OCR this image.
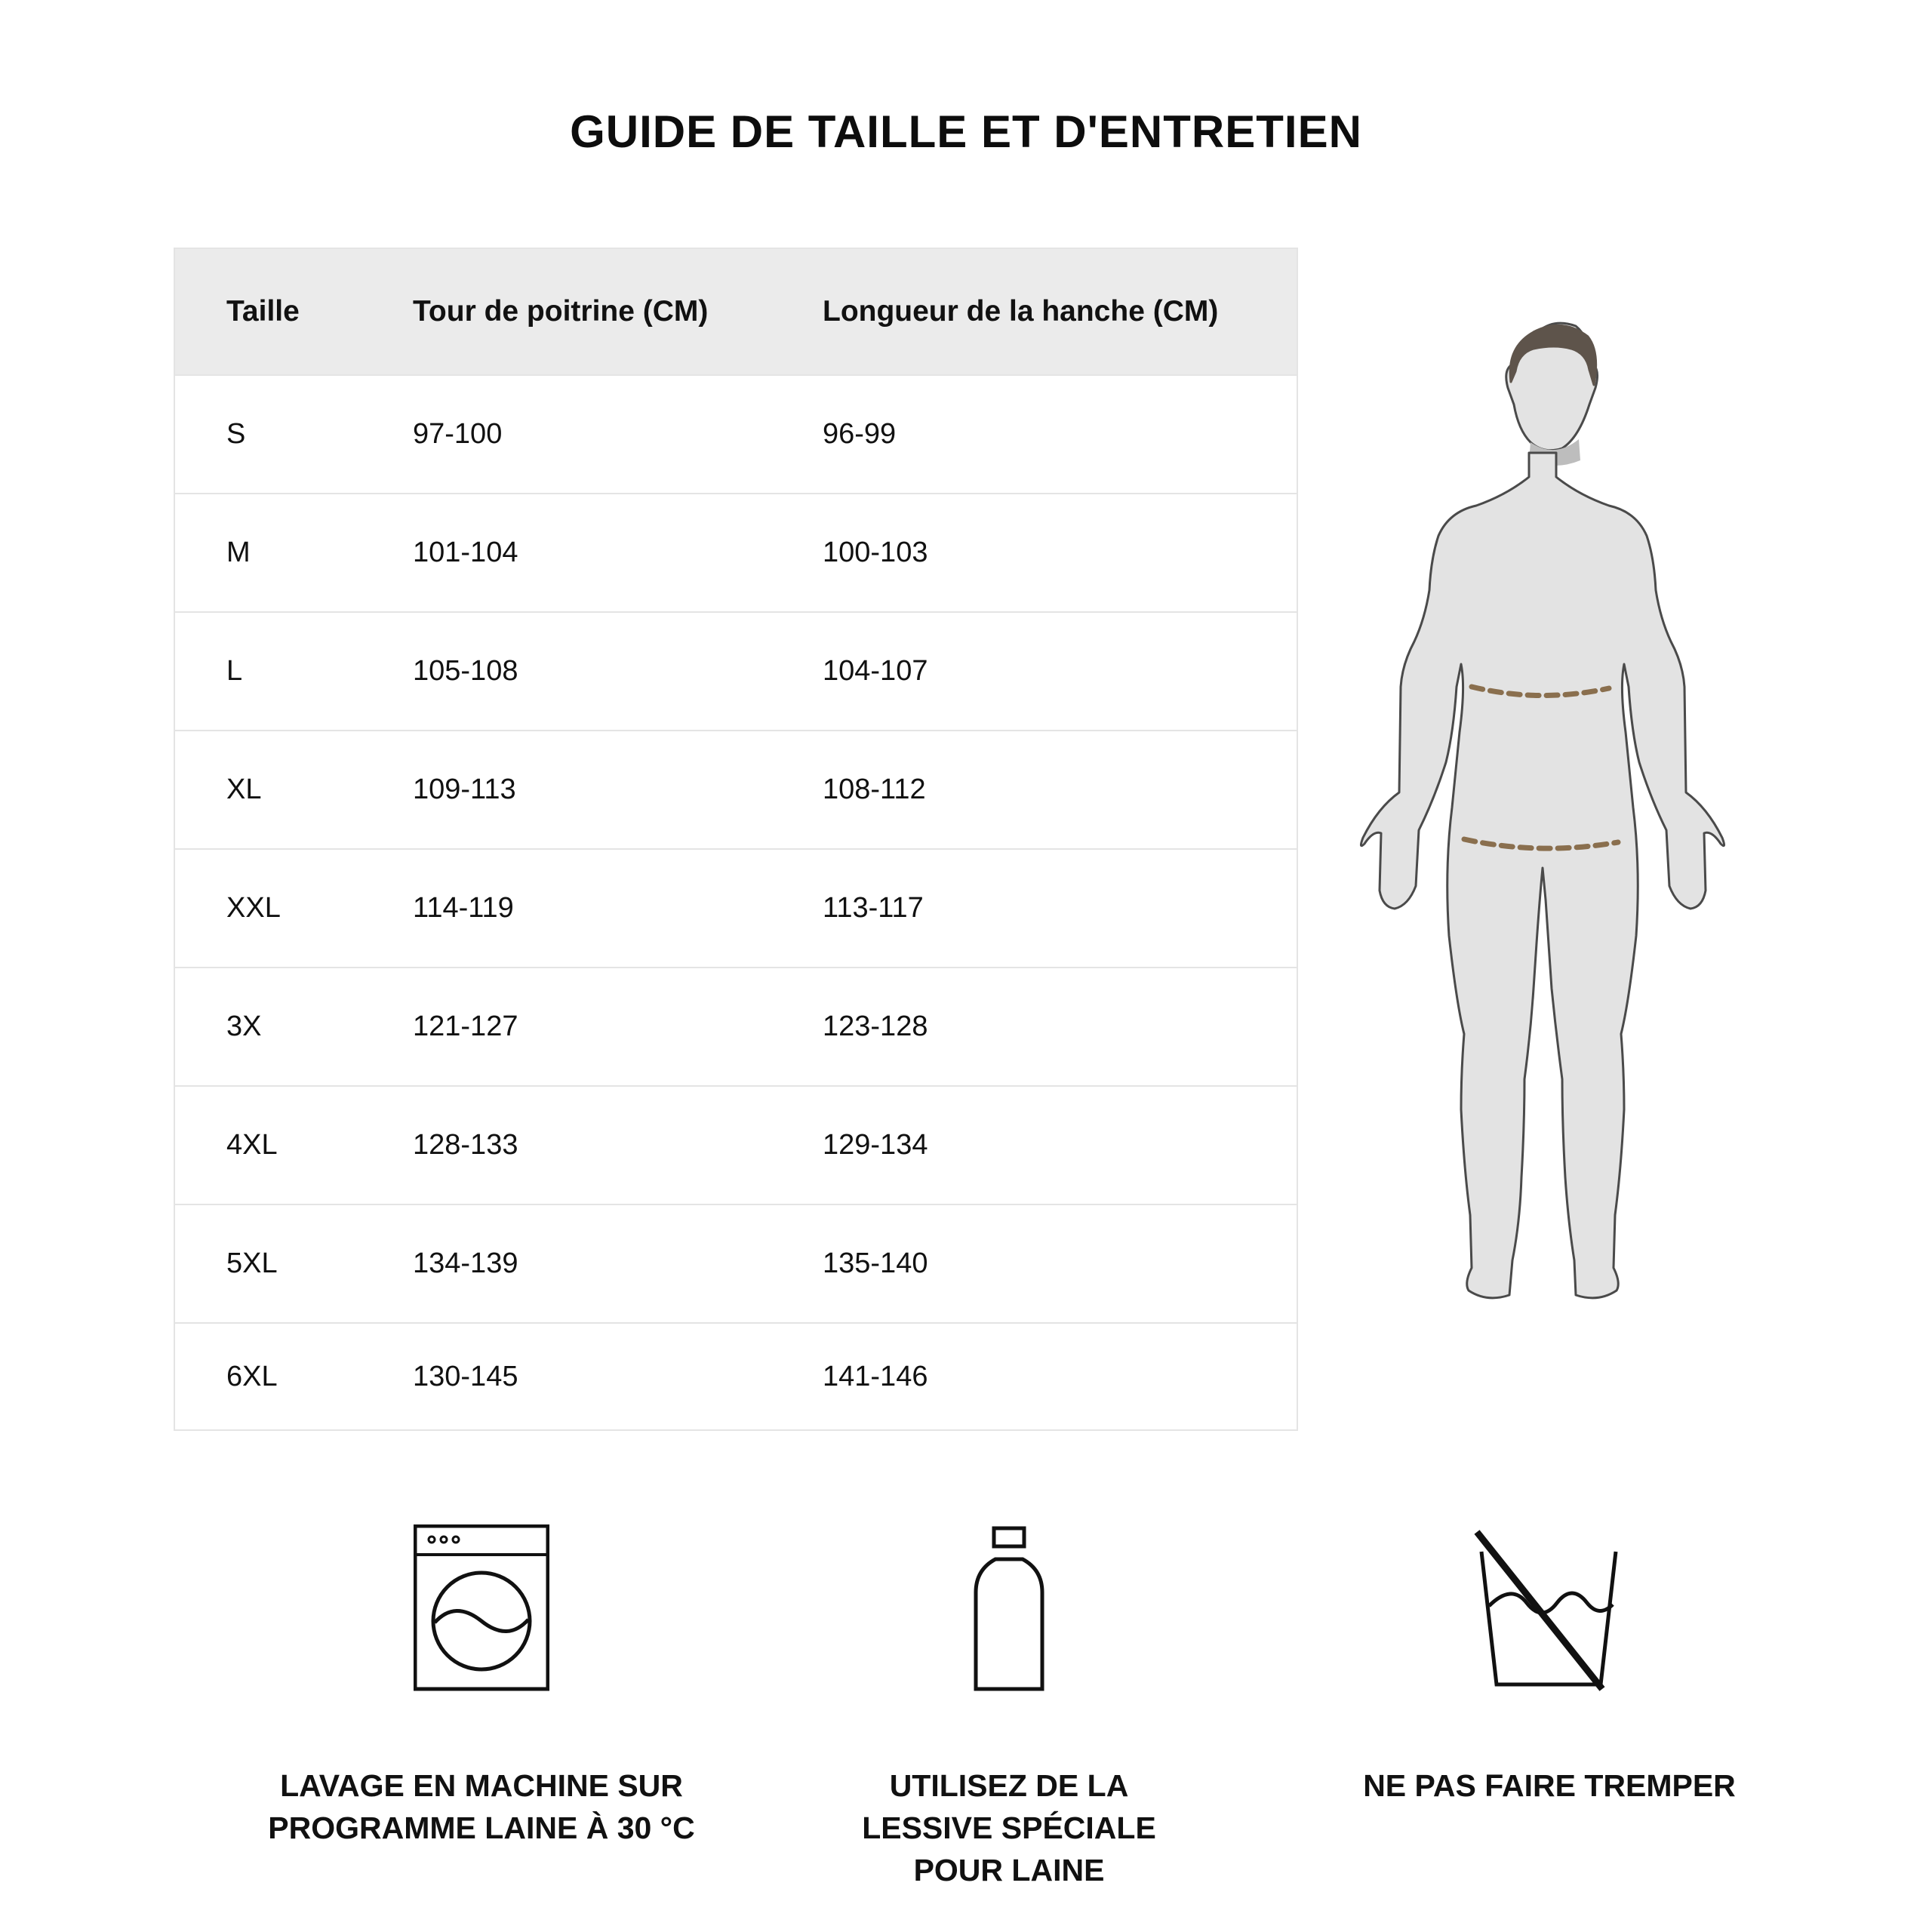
GUIDE DE TAILLE ET D'ENTRETIEN
Taille	Tour de poitrine (CM)	Longueur de la hanche (CM)
S	97-100	96-99
M	101-104	100-103
L	105-108	104-107
XL	109-113	108-112
XXL	114-119	113-117
3X	121-127	123-128
4XL	128-133	129-134
5XL	134-139	135-140
6XL	130-145	141-146
LAVAGE EN MACHINE SUR
PROGRAMME LAINE À 30 °C
UTILISEZ DE LA
LESSIVE SPÉCIALE
POUR LAINE
NE PAS FAIRE TREMPER
